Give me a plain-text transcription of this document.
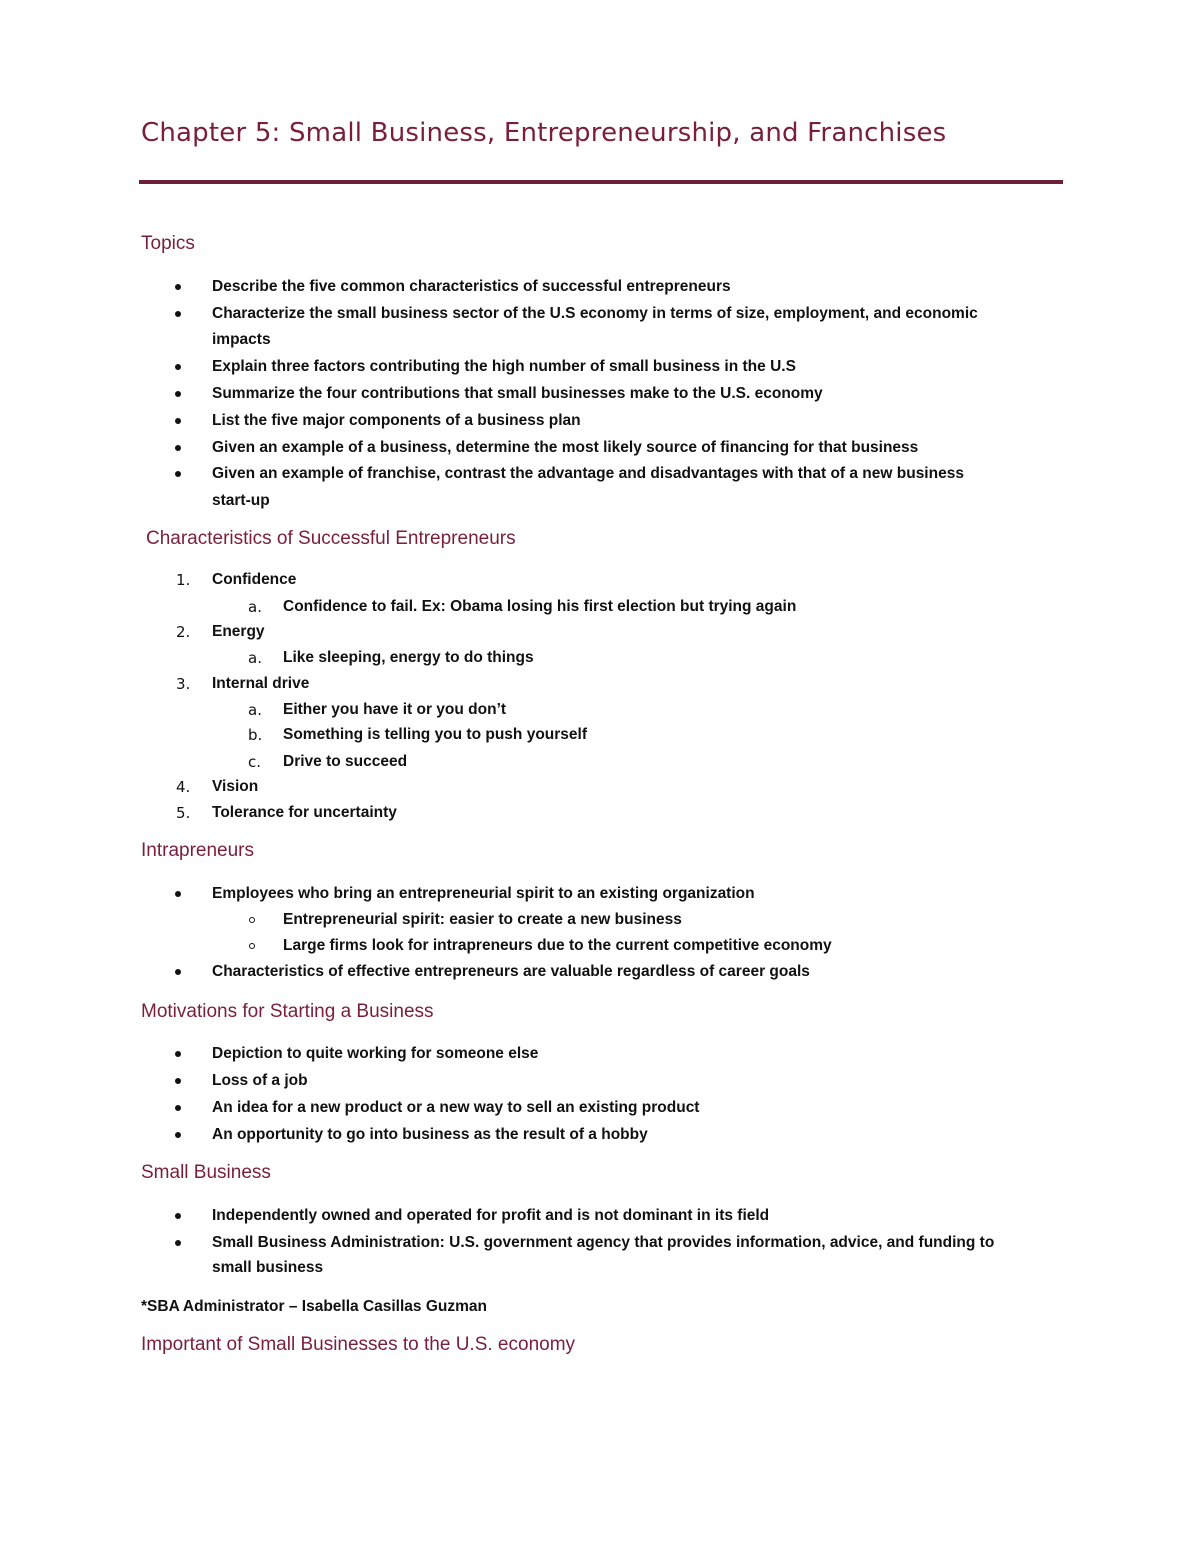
Chapter 5: Small Business, Entrepreneurship, and Franchises
Topics
Describe the five common characteristics of successful entrepreneurs
Characterize the small business sector of the U.S economy in terms of size, employment, and economic
impacts
Explain three factors contributing the high number of small business in the U.S
Summarize the four contributions that small businesses make to the U.S. economy
List the five major components of a business plan
Given an example of a business, determine the most likely source of financing for that business
Given an example of franchise, contrast the advantage and disadvantages with that of a new business
start-up
Characteristics of Successful Entrepreneurs
1. Confidence
a. Confidence to fail. Ex: Obama losing his first election but trying again
2. Energy
a. Like sleeping, energy to do things
3. Internal drive
a. Either you have it or you don’t
b. Something is telling you to push yourself
c. Drive to succeed
4. Vision
5. Tolerance for uncertainty
Intrapreneurs
Employees who bring an entrepreneurial spirit to an existing organization
Entrepreneurial spirit: easier to create a new business
Large firms look for intrapreneurs due to the current competitive economy
Characteristics of effective entrepreneurs are valuable regardless of career goals
Motivations for Starting a Business
Depiction to quite working for someone else
Loss of a job
An idea for a new product or a new way to sell an existing product
An opportunity to go into business as the result of a hobby
Small Business
Independently owned and operated for profit and is not dominant in its field
Small Business Administration: U.S. government agency that provides information, advice, and funding to
small business
*SBA Administrator – Isabella Casillas Guzman
Important of Small Businesses to the U.S. economy
